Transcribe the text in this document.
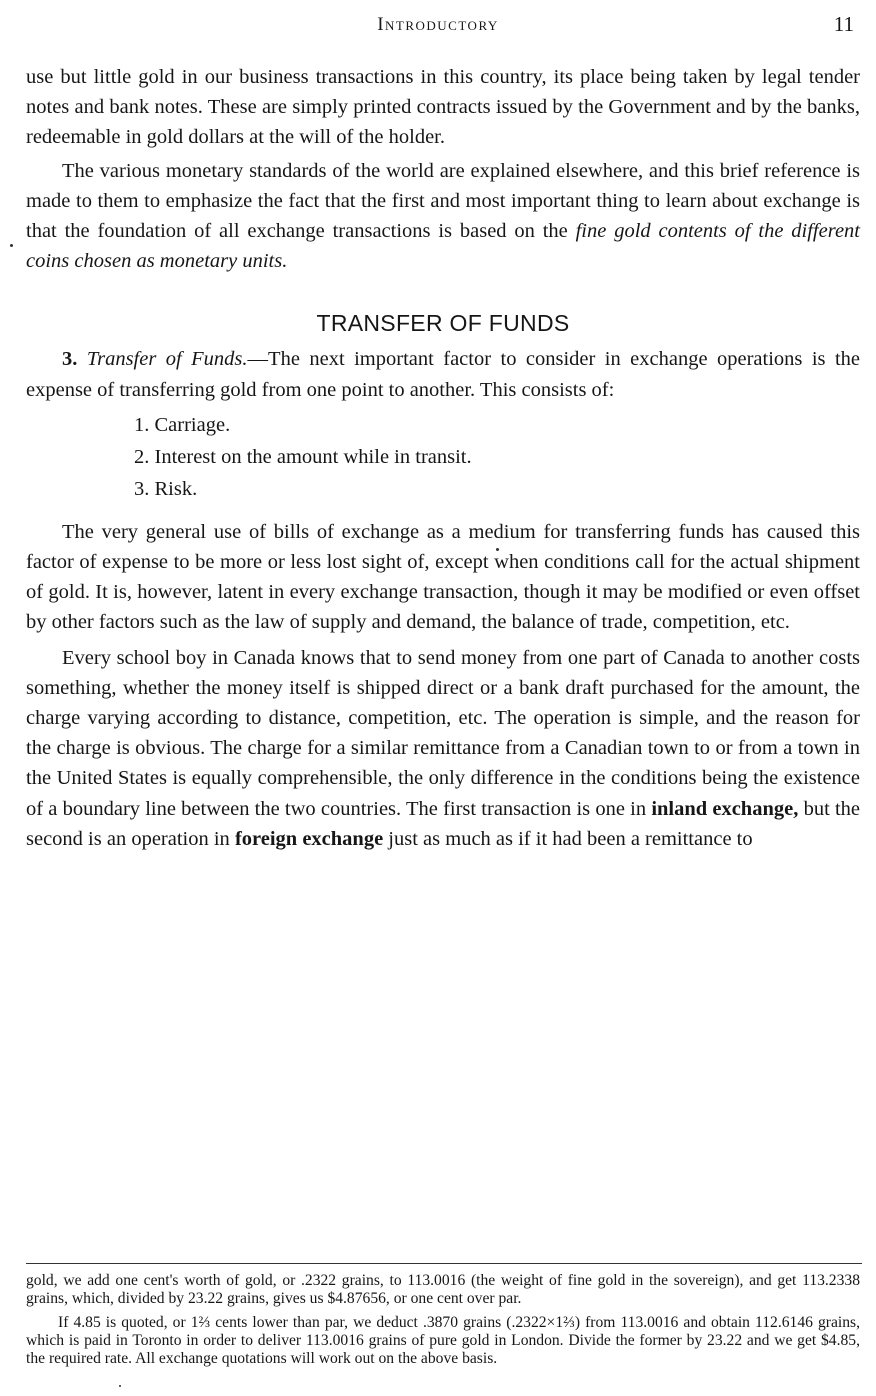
Introductory	11

use but little gold in our business transactions in this country, its place being taken by legal tender notes and bank notes. These are simply printed contracts issued by the Government and by the banks, redeemable in gold dollars at the will of the holder.

The various monetary standards of the world are explained elsewhere, and this brief reference is made to them to emphasize the fact that the first and most important thing to learn about exchange is that the foundation of all exchange transactions is based on the fine gold contents of the different coins chosen as monetary units.

TRANSFER OF FUNDS

3. Transfer of Funds.—The next important factor to consider in exchange operations is the expense of transferring gold from one point to another. This consists of:

1. Carriage.
2. Interest on the amount while in transit.
3. Risk.

The very general use of bills of exchange as a medium for transferring funds has caused this factor of expense to be more or less lost sight of, except when conditions call for the actual shipment of gold. It is, however, latent in every exchange transaction, though it may be modified or even offset by other factors such as the law of supply and demand, the balance of trade, competition, etc.

Every school boy in Canada knows that to send money from one part of Canada to another costs something, whether the money itself is shipped direct or a bank draft purchased for the amount, the charge varying according to distance, competition, etc. The operation is simple, and the reason for the charge is obvious. The charge for a similar remittance from a Canadian town to or from a town in the United States is equally comprehensible, the only difference in the conditions being the existence of a boundary line between the two countries. The first transaction is one in inland exchange, but the second is an operation in foreign exchange just as much as if it had been a remittance to

gold, we add one cent's worth of gold, or .2322 grains, to 113.0016 (the weight of fine gold in the sovereign), and get 113.2338 grains, which, divided by 23.22 grains, gives us $4.87656, or one cent over par.

If 4.85 is quoted, or 1⅔ cents lower than par, we deduct .3870 grains (.2322×1⅔) from 113.0016 and obtain 112.6146 grains, which is paid in Toronto in order to deliver 113.0016 grains of pure gold in London. Divide the former by 23.22 and we get $4.85, the required rate. All exchange quotations will work out on the above basis.
